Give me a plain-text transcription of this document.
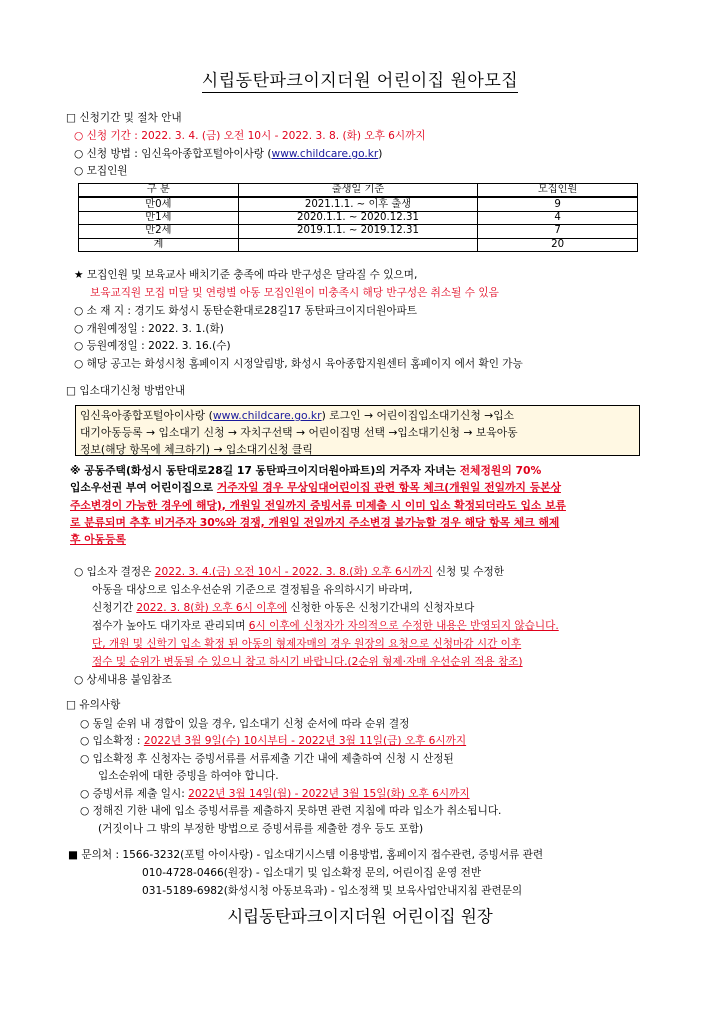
시립동탄파크이지더원 어린이집 원아모집
□ 신청기간 및 절차 안내
○ 신청 기간 : 2022. 3. 4. (금) 오전 10시 - 2022. 3. 8. (화) 오후 6시까지
○ 신청 방법 : 임신육아종합포털아이사랑 (www.childcare.go.kr)
○ 모집인원
구 분	출생일 기준	모집인원
만0세	2021.1.1. ~ 이후 출생	9
만1세	2020.1.1. ~ 2020.12.31	4
만2세	2019.1.1. ~ 2019.12.31	7
계		20
★ 모집인원 및 보육교사 배치기준 충족에 따라 반구성은 달라질 수 있으며,
보육교직원 모집 미달 및 연령별 아동 모집인원이 미충족시 해당 반구성은 취소될 수 있음
○ 소 재 지 : 경기도 화성시 동탄순환대로28길17 동탄파크이지더원아파트
○ 개원예정일 : 2022. 3. 1.(화)
○ 등원예정일 : 2022. 3. 16.(수)
○ 해당 공고는 화성시청 홈페이지 시정알림방, 화성시 육아종합지원센터 홈페이지 에서 확인 가능
□ 입소대기신청 방법안내
임신육아종합포털아이사랑 (www.childcare.go.kr) 로그인 → 어린이집입소대기신청 →입소
대기아동등록 → 입소대기 신청 → 자치구선택 → 어린이집명 선택 →입소대기신청 → 보육아동
정보(해당 항목에 체크하기) → 입소대기신청 클릭
※ 공동주택(화성시 동탄대로28길 17 동탄파크이지더원아파트)의 거주자 자녀는 전체정원의 70%
입소우선권 부여 어린이집으로 거주자일 경우 무상임대어린이집 관련 항목 체크(개원일 전일까지 등본상
주소변경이 가능한 경우에 해당), 개원일 전일까지 증빙서류 미제출 시 이미 입소 확정되더라도 입소 보류
로 분류되며 추후 비거주자 30%와 경쟁, 개원일 전일까지 주소변경 불가능할 경우 해당 항목 체크 해제
후 아동등록
○ 입소자 결정은 2022. 3. 4.(금) 오전 10시 - 2022. 3. 8.(화) 오후 6시까지 신청 및 수정한
아동을 대상으로 입소우선순위 기준으로 결정됨을 유의하시기 바라며,
신청기간 2022. 3. 8(화) 오후 6시 이후에 신청한 아동은 신청기간내의 신청자보다
점수가 높아도 대기자로 관리되며 6시 이후에 신청자가 자의적으로 수정한 내용은 반영되지 않습니다.
단, 개원 및 신학기 입소 확정 된 아동의 형제자매의 경우 원장의 요청으로 신청마감 시간 이후
점수 및 순위가 변동될 수 있으니 참고 하시기 바랍니다.(2순위 형제·자매 우선순위 적용 참조)
○ 상세내용 붙임참조
□ 유의사항
○ 동일 순위 내 경합이 있을 경우, 입소대기 신청 순서에 따라 순위 결정
○ 입소확정 : 2022년 3월 9일(수) 10시부터 - 2022년 3월 11일(금) 오후 6시까지
○ 입소확정 후 신청자는 증빙서류를 서류제출 기간 내에 제출하여 신청 시 산정된
입소순위에 대한 증빙을 하여야 합니다.
○ 증빙서류 제출 일시: 2022년 3월 14일(월) - 2022년 3월 15일(화) 오후 6시까지
○ 정해진 기한 내에 입소 증빙서류를 제출하지 못하면 관련 지침에 따라 입소가 취소됩니다.
(거짓이나 그 밖의 부정한 방법으로 증빙서류를 제출한 경우 등도 포함)
■ 문의처 : 1566-3232(포털 아이사랑) - 입소대기시스템 이용방법, 홈페이지 접수관련, 증빙서류 관련
010-4728-0466(원장) - 입소대기 및 입소확정 문의, 어린이집 운영 전반
031-5189-6982(화성시청 아동보육과) - 입소정책 및 보육사업안내지침 관련문의
시립동탄파크이지더원 어린이집 원장
